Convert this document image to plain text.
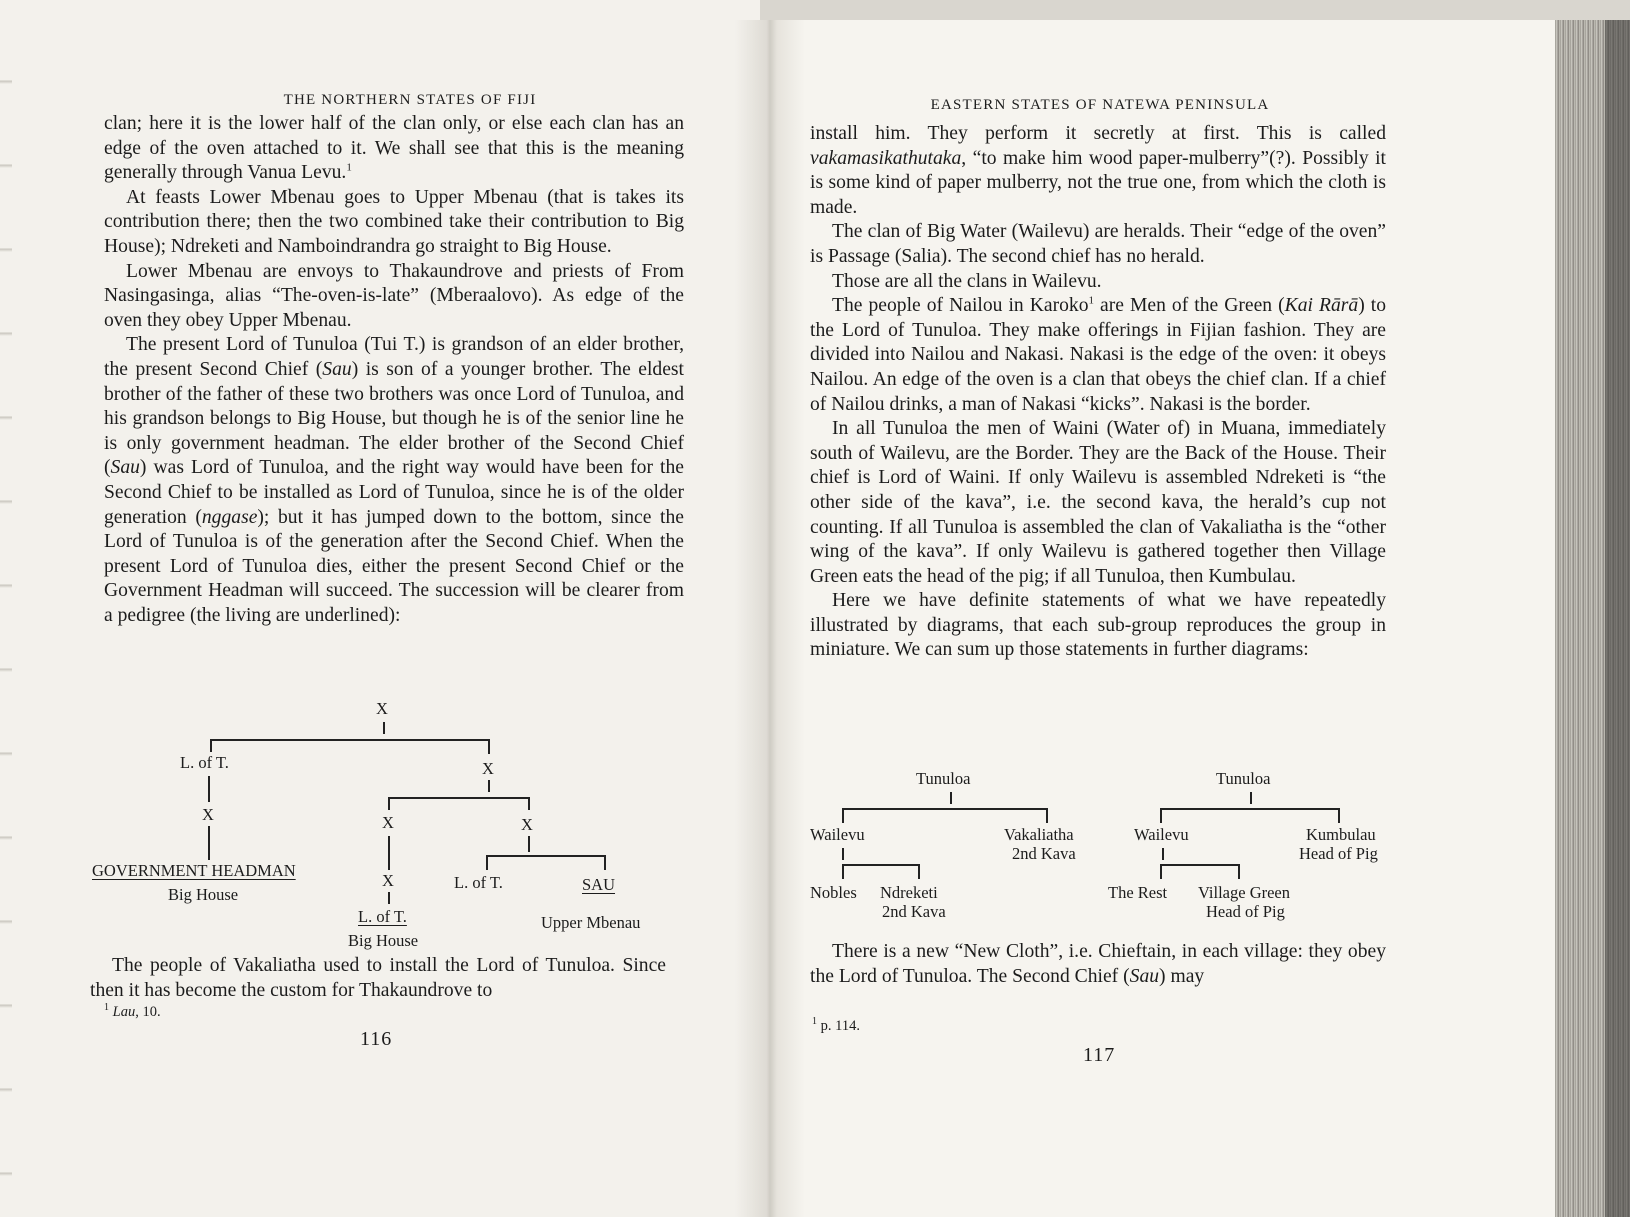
THE NORTHERN STATES OF FIJI

clan; here it is the lower half of the clan only, or else each clan has an edge of the oven attached to it. We shall see that this is the meaning generally through Vanua Levu.$^1$

At feasts Lower Mbenau goes to Upper Mbenau (that is takes its contribution there; then the two combined take their contribution to Big House); Ndreketi and Namboindrandra go straight to Big House.

Lower Mbenau are envoys to Thakaundrove and priests of From Nasingasinga, alias “The-oven-is-late” (Mberaalovo). As edge of the oven they obey Upper Mbenau.

The present Lord of Tunuloa (Tui T.) is grandson of an elder brother, the present Second Chief (Sau) is son of a younger brother. The eldest brother of the father of these two brothers was once Lord of Tunuloa, and his grandson belongs to Big House, but though he is of the senior line he is only government headman. The elder brother of the Second Chief (Sau) was Lord of Tunuloa, and the right way would have been for the Second Chief to be installed as Lord of Tunuloa, since he is of the older generation (nggase); but it has jumped down to the bottom, since the Lord of Tunuloa is of the generation after the Second Chief. When the present Lord of Tunuloa dies, either the present Second Chief or the Government Headman will succeed. The succession will be clearer from a pedigree (the living are underlined):

X
L. of T.	X
X	X	X
GOVERNMENT HEADMAN
Big House
X	L. of T.	SAU
L. of T.	Upper Mbenau
Big House

The people of Vakaliatha used to install the Lord of Tunuloa. Since then it has become the custom for Thakaundrove to

$^1$ Lau, 10.
116
EASTERN STATES OF NATEWA PENINSULA

install him. They perform it secretly at first. This is called vakamasikathutaka, “to make him wood paper-mulberry”(?). Possibly it is some kind of paper mulberry, not the true one, from which the cloth is made.

The clan of Big Water (Wailevu) are heralds. Their “edge of the oven” is Passage (Salia). The second chief has no herald.

Those are all the clans in Wailevu.

The people of Nailou in Karoko$^1$ are Men of the Green (Kai Rārā) to the Lord of Tunuloa. They make offerings in Fijian fashion. They are divided into Nailou and Nakasi. Nakasi is the edge of the oven: it obeys Nailou. An edge of the oven is a clan that obeys the chief clan. If a chief of Nailou drinks, a man of Nakasi “kicks”. Nakasi is the border.

In all Tunuloa the men of Waini (Water of) in Muana, immediately south of Wailevu, are the Border. They are the Back of the House. Their chief is Lord of Waini. If only Wailevu is assembled Ndreketi is “the other side of the kava”, i.e. the second kava, the herald’s cup not counting. If all Tunuloa is assembled the clan of Vakaliatha is the “other wing of the kava”. If only Wailevu is gathered together then Village Green eats the head of the pig; if all Tunuloa, then Kumbulau.

Here we have definite statements of what we have repeatedly illustrated by diagrams, that each sub-group reproduces the group in miniature. We can sum up those statements in further diagrams:

Tunuloa
Wailevu	Vakaliatha
2nd Kava
Nobles Ndreketi
2nd Kava
Tunuloa
Wailevu	Kumbulau
Head of Pig
The Rest Village Green
Head of Pig

There is a new “New Cloth”, i.e. Chieftain, in each village: they obey the Lord of Tunuloa. The Second Chief (Sau) may

$^1$ p. 114.
117
